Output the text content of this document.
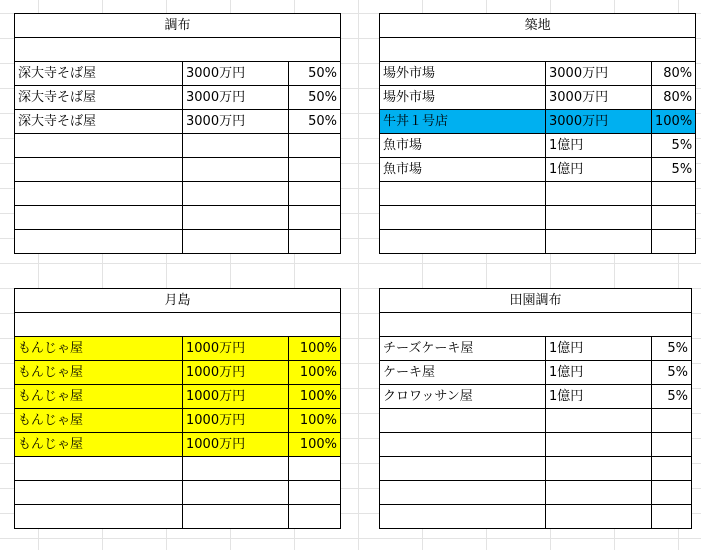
調布		

深大寺そば屋	3000万円	50%
深大寺そば屋	3000万円	50%
深大寺そば屋	3000万円	50%

築地		

場外市場	3000万円	80%
場外市場	3000万円	80%
牛丼１号店	3000万円	100%
魚市場	1億円	5%
魚市場	1億円	5%

月島		

もんじゃ屋	1000万円	100%
もんじゃ屋	1000万円	100%
もんじゃ屋	1000万円	100%
もんじゃ屋	1000万円	100%
もんじゃ屋	1000万円	100%

田園調布		

チーズケーキ屋	1億円	5%
ケーキ屋	1億円	5%
クロワッサン屋	1億円	5%
